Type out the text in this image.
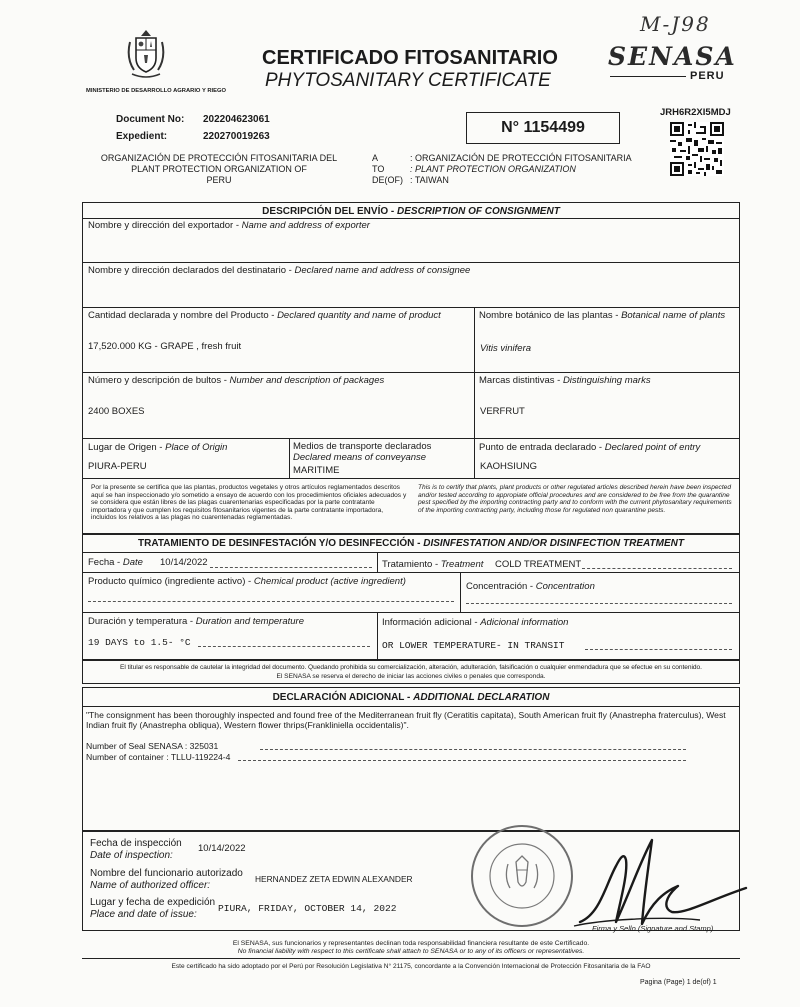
M-J98
MINISTERIO DE DESARROLLO AGRARIO Y RIEGO
CERTIFICADO FITOSANITARIO
PHYTOSANITARY CERTIFICATE
SENASA
PERU
Document No: 202204623061
Expedient:	220270019263
N° 1154499
JRH6R2XI5MDJ
ORGANIZACIÓN DE PROTECCIÓN FITOSANITARIA DEL
PLANT PROTECTION ORGANIZATION OF
PERU
A
TO
DE(OF)
: ORGANIZACIÓN DE PROTECCIÓN FITOSANITARIA
: PLANT PROTECTION ORGANIZATION
: TAIWAN
DESCRIPCIÓN DEL ENVÍO - DESCRIPTION OF CONSIGNMENT
Nombre y dirección del exportador - Name and address of exporter
Nombre y dirección declarados del destinatario - Declared name and address of consignee
Cantidad declarada y nombre del Producto - Declared quantity and name of product
17,520.000 KG - GRAPE , fresh fruit
Nombre botánico de las plantas - Botanical name of plants
Vitis vinifera
Número y descripción de bultos - Number and description of packages
2400 BOXES
Marcas distintivas - Distinguishing marks
VERFRUT
Lugar de Origen - Place of Origin
PIURA-PERU
Medios de transporte declarados
Declared means of conveyanse
MARITIME
Punto de entrada declarado - Declared point of entry
KAOHSIUNG
Por la presente se certifica que las plantas, productos vegetales y otros artículos reglamentados descritos aquí se han inspeccionado y/o sometido a ensayo de acuerdo con los procedimientos oficiales adecuados y se considera que están libres de las plagas cuarentenarias especificadas por la parte contratante importadora y que cumplen los requisitos fitosanitarios vigentes de la parte contratante importadora, incluidos los relativos a las plagas no cuarentenadas reglamentadas.
This is to certify that plants, plant products or other regulated articles described herein have been inspected and/or tested according to appropiate official procedures and are considered to be free from the quarantine pest specified by the importing contracting party and to conform with the current phytosanitary requirements of the importing contracting party, including those for regulated non quarantine pests.
TRATAMIENTO DE DESINFESTACIÓN Y/O DESINFECCIÓN - DISINFESTATION AND/OR DISINFECTION TREATMENT
Fecha - Date 10/14/2022	Tratamiento - Treatment COLD TREATMENT
Producto químico (ingrediente activo) - Chemical product (active ingredient)	Concentración - Concentration
Duración y temperatura - Duration and temperature
19 DAYS to 1.5- °C
Información adicional - Adicional information
OR LOWER TEMPERATURE- IN TRANSIT
El titular es responsable de cautelar la integridad del documento. Quedando prohibida su comercialización, alteración, adulteración, falsificación o cualquier enmendadura que se efectue en su contenido.
El SENASA se reserva el derecho de iniciar las acciones civiles o penales que corresponda.
DECLARACIÓN ADICIONAL - ADDITIONAL DECLARATION
"The consignment has been thoroughly inspected and found free of the Mediterranean fruit fly (Ceratitis capitata), South American fruit fly (Anastrepha fraterculus), West Indian fruit fly (Anastrepha obliqua), Western flower thrips(Frankliniella occidentalis)".
Number of Seal SENASA : 325031
Number of container : TLLU-119224-4
Fecha de inspección
Date of inspection:
10/14/2022
Nombre del funcionario autorizado
Name of authorized officer:
HERNANDEZ ZETA EDWIN ALEXANDER
Lugar y fecha de expedición
Place and date of issue:
PIURA, FRIDAY, OCTOBER 14, 2022
Firma y Sello (Signature and Stamp)
El SENASA, sus funcionarios y representantes declinan toda responsabilidad financiera resultante de este Certificado.
No financial liability with respect to this certificate shall attach to SENASA or to any of its officers or representatives.
Este certificado ha sido adoptado por el Perú por Resolución Legislativa N° 21175, concordante a la Convención Internacional de Protección Fitosanitaria de la FAO
Pagina (Page) 1 de(of) 1
